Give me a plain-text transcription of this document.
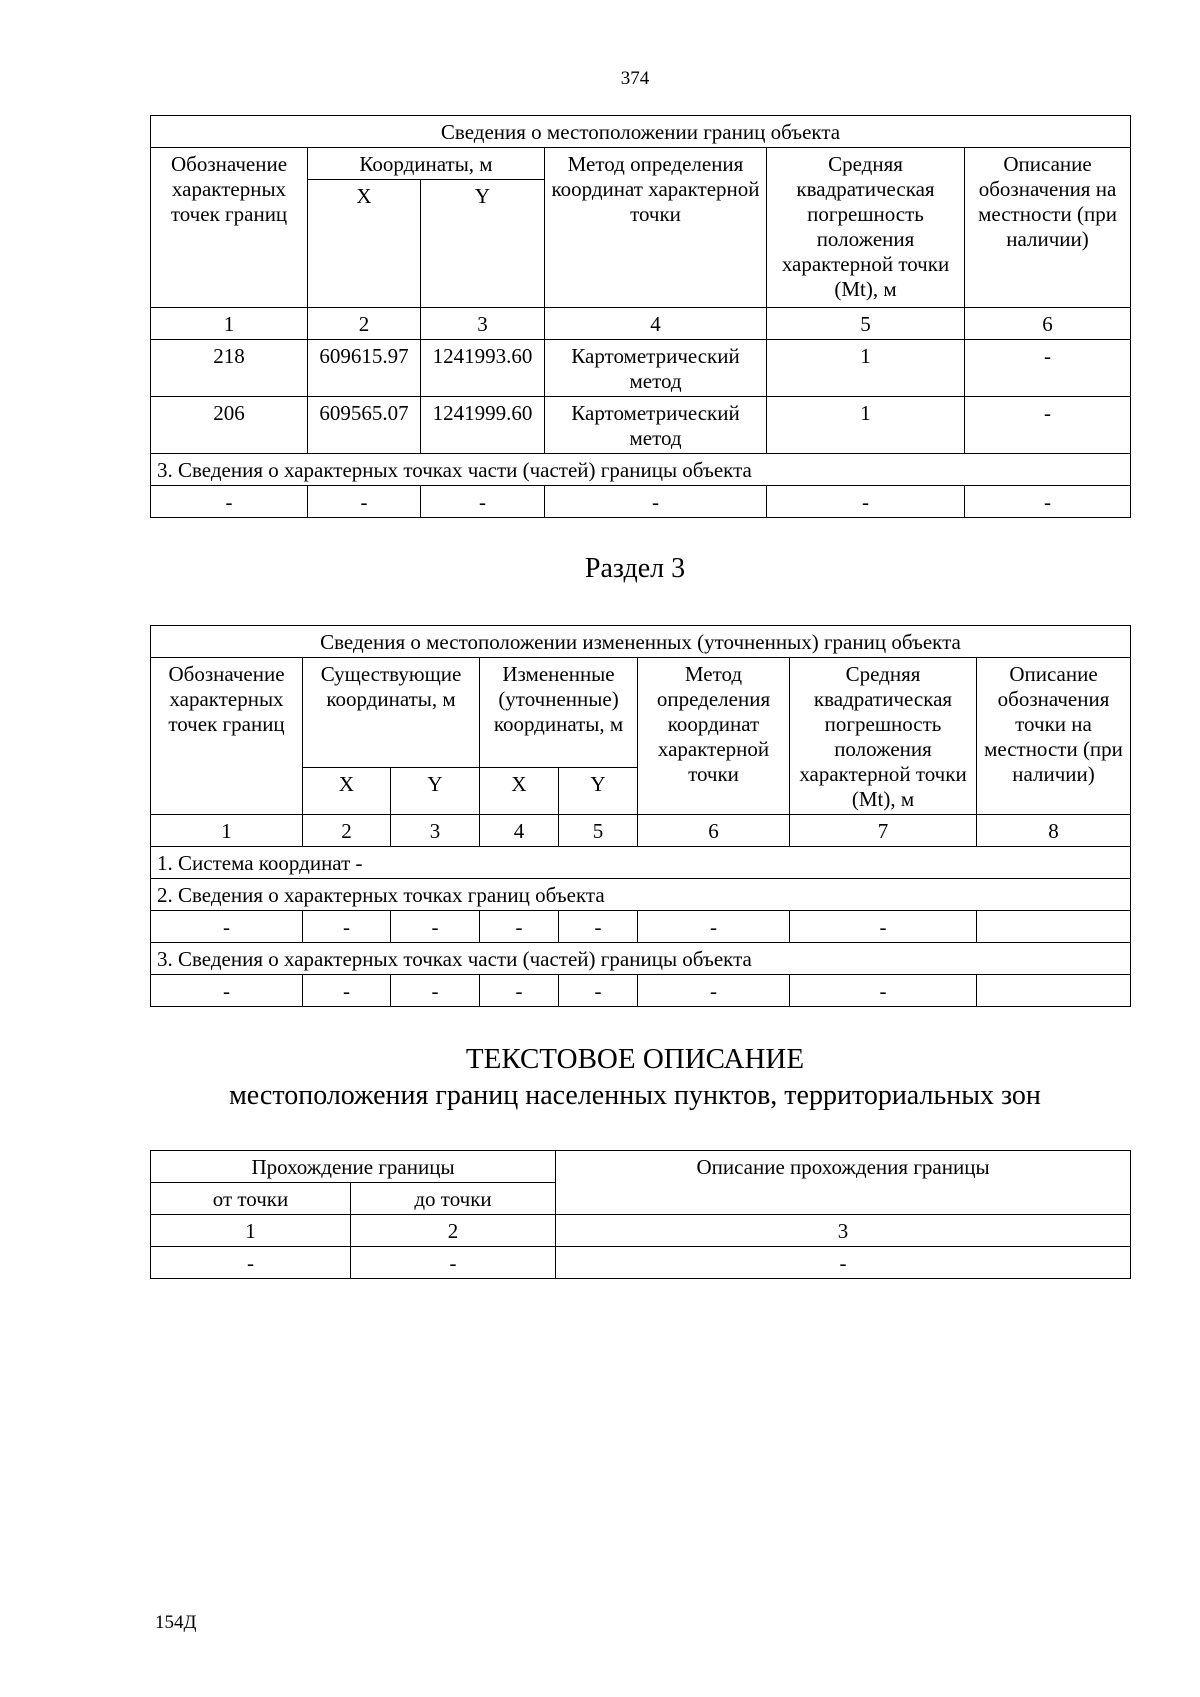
374
Сведения о местоположении границ объекта					
Обозначение характерных точек границ	Координаты, м		Метод определения координат характерной точки	Средняя квадратическая погрешность положения характерной точки (Mt), м	Описание обозначения на местности (при наличии)
	X	Y			
1	2	3	4	5	6
218	609615.97	1241993.60	Картометрический метод	1	-
206	609565.07	1241999.60	Картометрический метод	1	-
3. Сведения о характерных точках части (частей) границы объекта					
-	-	-	-	-	-
Раздел 3
Сведения о местоположении измененных (уточненных) границ объекта							
Обозначение характерных точек границ	Существующие координаты, м		Измененные (уточненные) координаты, м		Метод определения координат характерной точки	Средняя квадратическая погрешность положения характерной точки (Mt), м	Описание обозначения точки на местности (при наличии)
	X	Y	X	Y			
1	2	3	4	5	6	7	8
1. Система координат -							
2. Сведения о характерных точках границ объекта							
-	-	-	-	-	-	-	
3. Сведения о характерных точках части (частей) границы объекта							
-	-	-	-	-	-	-	
ТЕКСТОВОЕ ОПИСАНИЕ
местоположения границ населенных пунктов, территориальных зон
Прохождение границы		Описание прохождения границы
от точки	до точки	
1	2	3
-	-	-
154Д
